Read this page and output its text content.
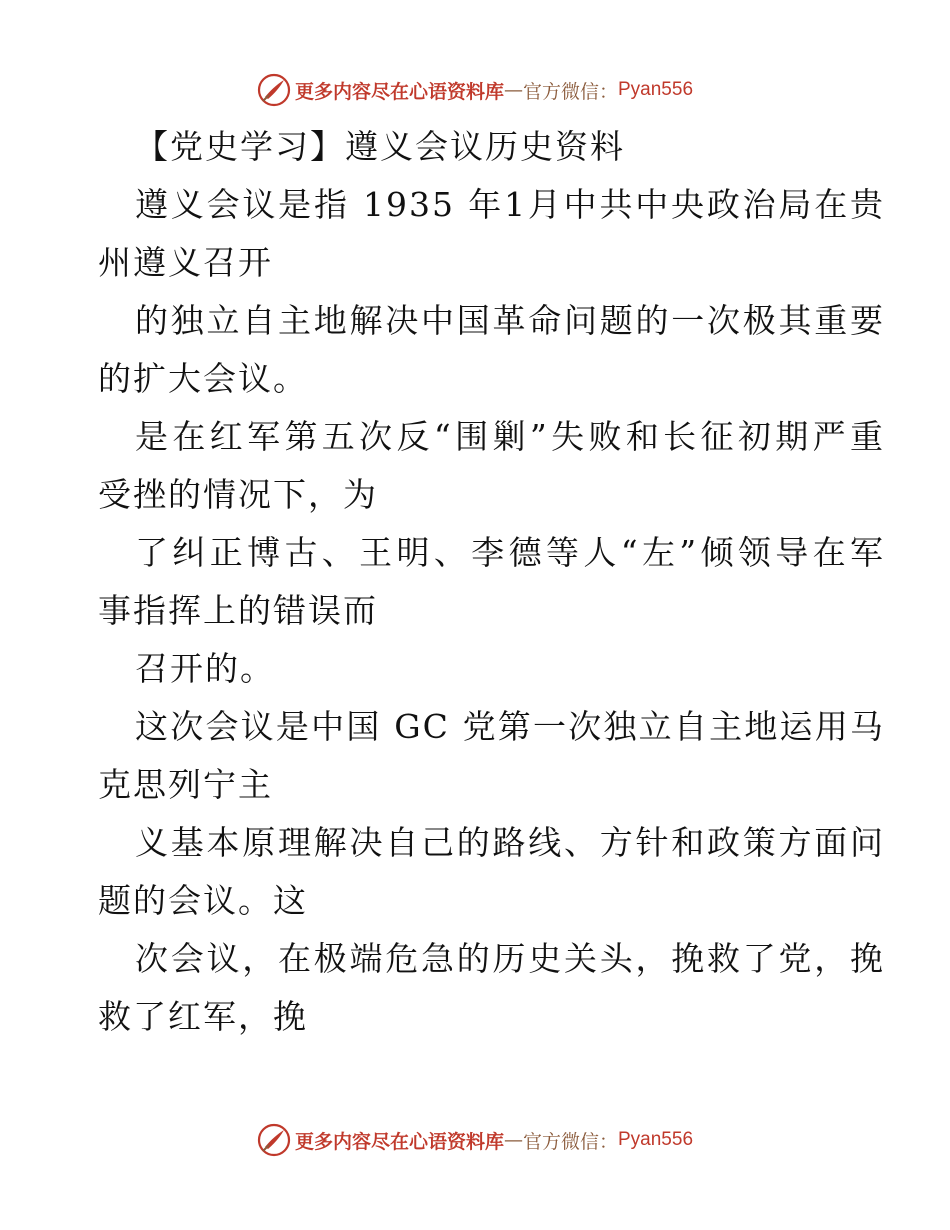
更多内容尽在心语资料库 — 官方微信： Pyan556
【党史学习】遵义会议历史资料
遵义会议是指 1935 年1月中共中央政治局在贵
州遵义召开
的独立自主地解决中国革命问题的一次极其重要
的扩大会议。
是在红军第五次反“围剿”失败和长征初期严重
受挫的情况下，为
了纠正博古、王明、李德等人“左”倾领导在军
事指挥上的错误而
召开的。
这次会议是中国 GC 党第一次独立自主地运用马
克思列宁主
义基本原理解决自己的路线、方针和政策方面问
题的会议。这
次会议，在极端危急的历史关头，挽救了党，挽
救了红军，挽
更多内容尽在心语资料库 — 官方微信： Pyan556
